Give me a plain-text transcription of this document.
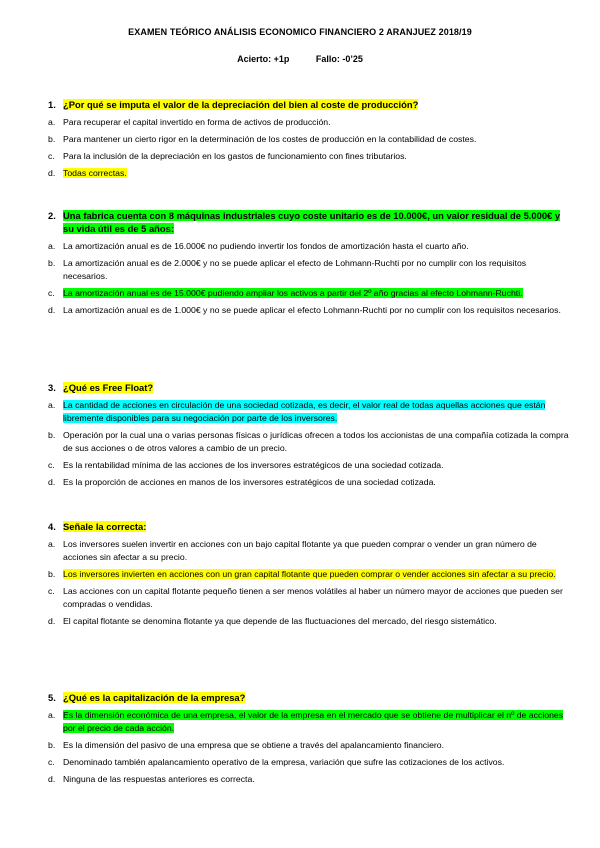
EXAMEN TEÓRICO ANÁLISIS ECONOMICO FINANCIERO 2 ARANJUEZ 2018/19
Acierto: +1p	Fallo: -0’25
1. ¿Por qué se imputa el valor de la depreciación del bien al coste de producción?
a. Para recuperar el capital invertido en forma de activos de producción.
b. Para mantener un cierto rigor en la determinación de los costes de producción en la contabilidad de costes.
c. Para la inclusión de la depreciación en los gastos de funcionamiento con fines tributarios.
d. Todas correctas.
2. Una fabrica cuenta con 8 máquinas industriales cuyo coste unitario es de 10.000€, un valor residual de 5.000€ y su vida útil es de 5 años:
a. La amortización anual es de 16.000€ no pudiendo invertir los fondos de amortización hasta el cuarto año.
b. La amortización anual es de 2.000€ y no se puede aplicar el efecto de Lohmann-Ruchti por no cumplir con los requisitos necesarios.
c. La amortización anual es de 15.000€ pudiendo ampliar los activos a partir del 2º año gracias al efecto Lohmann-Ruchti.
d. La amortización anual es de 1.000€ y no se puede aplicar el efecto Lohmann-Ruchti por no cumplir con los requisitos necesarios.
3. ¿Qué es Free Float?
a. La cantidad de acciones en circulación de una sociedad cotizada, es decir, el valor real de todas aquellas acciones que están libremente disponibles para su negociación por parte de los inversores.
b. Operación por la cual una o varias personas físicas o jurídicas ofrecen a todos los accionistas de una compañía cotizada la compra de sus acciones o de otros valores a cambio de un precio.
c. Es la rentabilidad mínima de las acciones de los inversores estratégicos de una sociedad cotizada.
d. Es la proporción de acciones en manos de los inversores estratégicos de una sociedad cotizada.
4. Señale la correcta:
a. Los inversores suelen invertir en acciones con un bajo capital flotante ya que pueden comprar o vender un gran número de acciones sin afectar a su precio.
b. Los inversores invierten en acciones con un gran capital flotante que pueden comprar o vender acciones sin afectar a su precio.
c. Las acciones con un capital flotante pequeño tienen a ser menos volátiles al haber un número mayor de acciones que pueden ser compradas o vendidas.
d. El capital flotante se denomina flotante ya que depende de las fluctuaciones del mercado, del riesgo sistemático.
5. ¿Qué es la capitalización de la empresa?
a. Es la dimensión económica de una empresa, el valor de la empresa en el mercado que se obtiene de multiplicar el nº de acciones por el precio de cada acción.
b. Es la dimensión del pasivo de una empresa que se obtiene a través del apalancamiento financiero.
c. Denominado también apalancamiento operativo de la empresa, variación que sufre las cotizaciones de los activos.
d. Ninguna de las respuestas anteriores es correcta.
